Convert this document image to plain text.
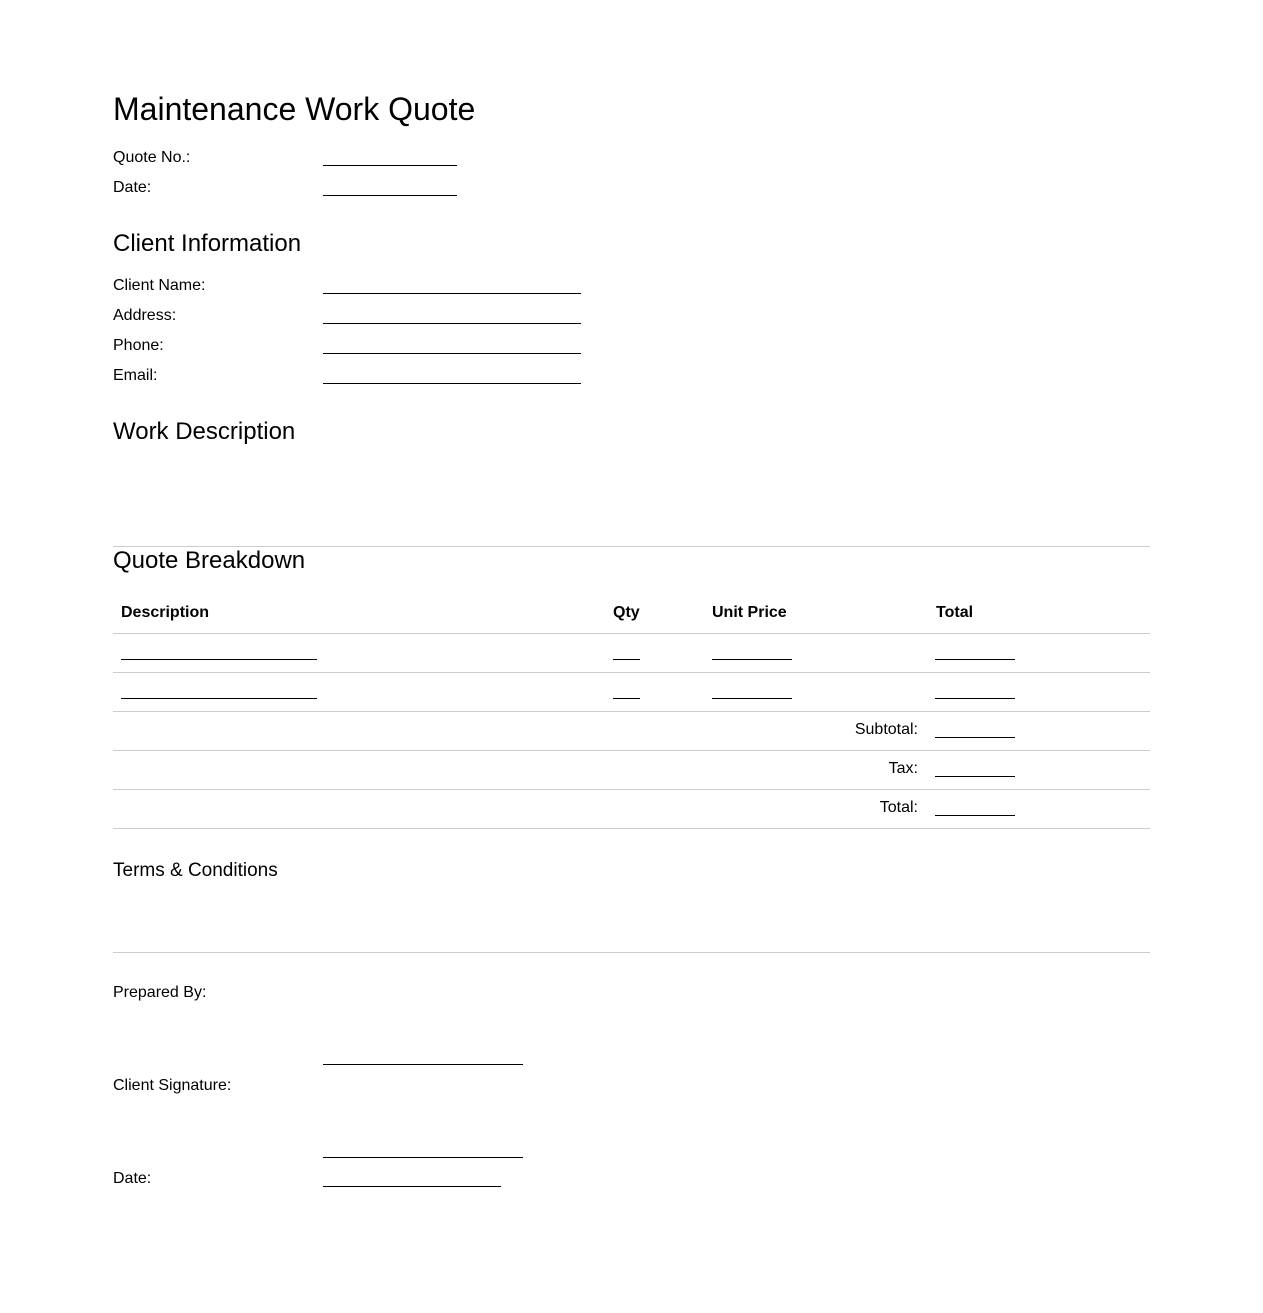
Maintenance Work Quote
Quote No.:
Date:
Client Information
Client Name:
Address:
Phone:
Email:
Work Description
Quote Breakdown
Description	Qty	Unit Price	Total
Subtotal:
Tax:
Total:
Terms & Conditions
Prepared By:
Client Signature:
Date:
